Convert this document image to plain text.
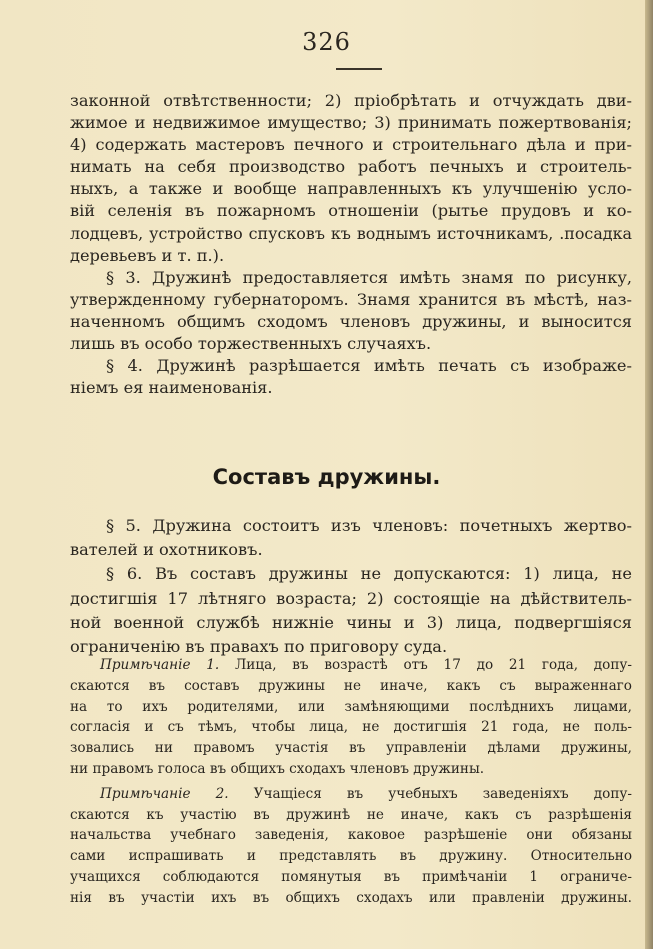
326
законной отвѣтственности; 2) пріобрѣтать и отчуждать дви-
жимое и недвижимое имущество; 3) принимать пожертвованія;
4) содержать мастеровъ печного и строительнаго дѣла и при-
нимать на себя производство работъ печныхъ и строитель-
ныхъ, а также и вообще направленныхъ къ улучшенію усло-
вій селенія въ пожарномъ отношеніи (рытье прудовъ и ко-
лодцевъ, устройство спусковъ къ воднымъ источникамъ, .посадка
деревьевъ и т. п.).
§ 3. Дружинѣ предоставляется имѣть знамя по рисунку,
утвержденному губернаторомъ. Знамя хранится въ мѣстѣ, наз-
наченномъ общимъ сходомъ членовъ дружины, и выносится
лишь въ особо торжественныхъ случаяхъ.
§ 4. Дружинѣ разрѣшается имѣть печать съ изображе-
ніемъ ея наименованія.
Составъ дружины.
§ 5. Дружина состоитъ изъ членовъ: почетныхъ жертво-
вателей и охотниковъ.
§ 6. Въ составъ дружины не допускаются: 1) лица, не
достигшія 17 лѣтняго возраста; 2) состоящіе на дѣйствитель-
ной военной службѣ нижніе чины и 3) лица, подвергшіяся
ограниченію въ правахъ по приговору суда.
Примѣчаніе 1. Лица, въ возрастѣ отъ 17 до 21 года, допу-
скаются въ составъ дружины не иначе, какъ съ выраженнаго
на то ихъ родителями, или замѣняющими послѣднихъ лицами,
согласія и съ тѣмъ, чтобы лица, не достигшія 21 года, не поль-
зовались ни правомъ участія въ управленіи дѣлами дружины,
ни правомъ голоса въ общихъ сходахъ членовъ дружины.
Примѣчаніе 2. Учащіеся въ учебныхъ заведеніяхъ допу-
скаются къ участію въ дружинѣ не иначе, какъ съ разрѣшенія
начальства учебнаго заведенія, каковое разрѣшеніе они обязаны
сами испрашивать и представлять въ дружину. Относительно
учащихся соблюдаются помянутыя въ примѣчаніи 1 ограниче-
нія въ участіи ихъ въ общихъ сходахъ или правленіи дружины.
